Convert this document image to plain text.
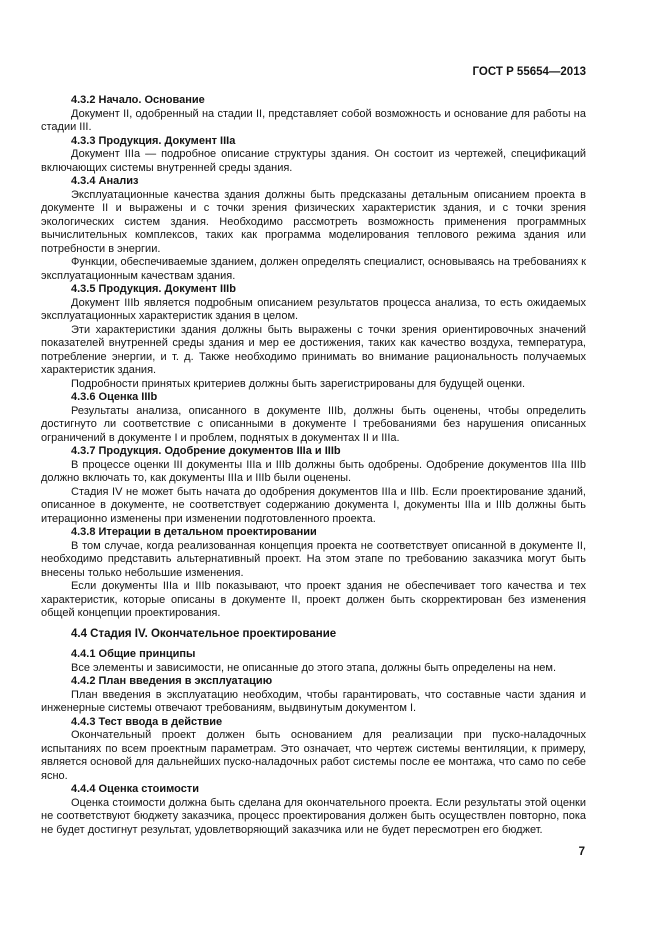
ГОСТ Р 55654—2013
4.3.2 Начало. Основание
Документ II, одобренный на стадии II, представляет собой возможность и основание для работы на стадии III.
4.3.3 Продукция. Документ IIIa
Документ IIIa — подробное описание структуры здания. Он состоит из чертежей, спецификаций включающих системы внутренней среды здания.
4.3.4 Анализ
Эксплуатационные качества здания должны быть предсказаны детальным описанием проекта в документе II и выражены и с точки зрения физических характеристик здания, и с точки зрения экологических систем здания. Необходимо рассмотреть возможность применения программных вычислительных комплексов, таких как программа моделирования теплового режима здания или потребности в энергии.
Функции, обеспечиваемые зданием, должен определять специалист, основываясь на требованиях к эксплуатационным качествам здания.
4.3.5 Продукция. Документ IIIb
Документ IIIb является подробным описанием результатов процесса анализа, то есть ожидаемых эксплуатационных характеристик здания в целом.
Эти характеристики здания должны быть выражены с точки зрения ориентировочных значений показателей внутренней среды здания и мер ее достижения, таких как качество воздуха, температура, потребление энергии, и т. д. Также необходимо принимать во внимание рациональность получаемых характеристик здания.
Подробности принятых критериев должны быть зарегистрированы для будущей оценки.
4.3.6 Оценка IIIb
Результаты анализа, описанного в документе IIIb, должны быть оценены, чтобы определить достигнуто ли соответствие с описанными в документе I требованиями без нарушения описанных ограничений в документе I и проблем, поднятых в документах II и IIIa.
4.3.7 Продукция. Одобрение документов IIIa и IIIb
В процессе оценки III документы IIIa и IIIb должны быть одобрены. Одобрение документов IIIa IIIb должно включать то, как документы IIIa и IIIb были оценены.
Стадия IV не может быть начата до одобрения документов IIIa и IIIb. Если проектирование зданий, описанное в документе, не соответствует содержанию документа I, документы IIIa и IIIb должны быть итерационно изменены при изменении подготовленного проекта.
4.3.8 Итерации в детальном проектировании
В том случае, когда реализованная концепция проекта не соответствует описанной в документе II, необходимо представить альтернативный проект. На этом этапе по требованию заказчика могут быть внесены только небольшие изменения.
Если документы IIIa и IIIb показывают, что проект здания не обеспечивает того качества и тех характеристик, которые описаны в документе II, проект должен быть скорректирован без изменения общей концепции проектирования.
4.4 Стадия IV. Окончательное проектирование
4.4.1 Общие принципы
Все элементы и зависимости, не описанные до этого этапа, должны быть определены на нем.
4.4.2 План введения в эксплуатацию
План введения в эксплуатацию необходим, чтобы гарантировать, что составные части здания и инженерные системы отвечают требованиям, выдвинутым документом I.
4.4.3 Тест ввода в действие
Окончательный проект должен быть основанием для реализации при пуско-наладочных испытаниях по всем проектным параметрам. Это означает, что чертеж системы вентиляции, к примеру, является основой для дальнейших пуско-наладочных работ системы после ее монтажа, что само по себе ясно.
4.4.4 Оценка стоимости
Оценка стоимости должна быть сделана для окончательного проекта. Если результаты этой оценки не соответствуют бюджету заказчика, процесс проектирования должен быть осуществлен повторно, пока не будет достигнут результат, удовлетворяющий заказчика или не будет пересмотрен его бюджет.
7
